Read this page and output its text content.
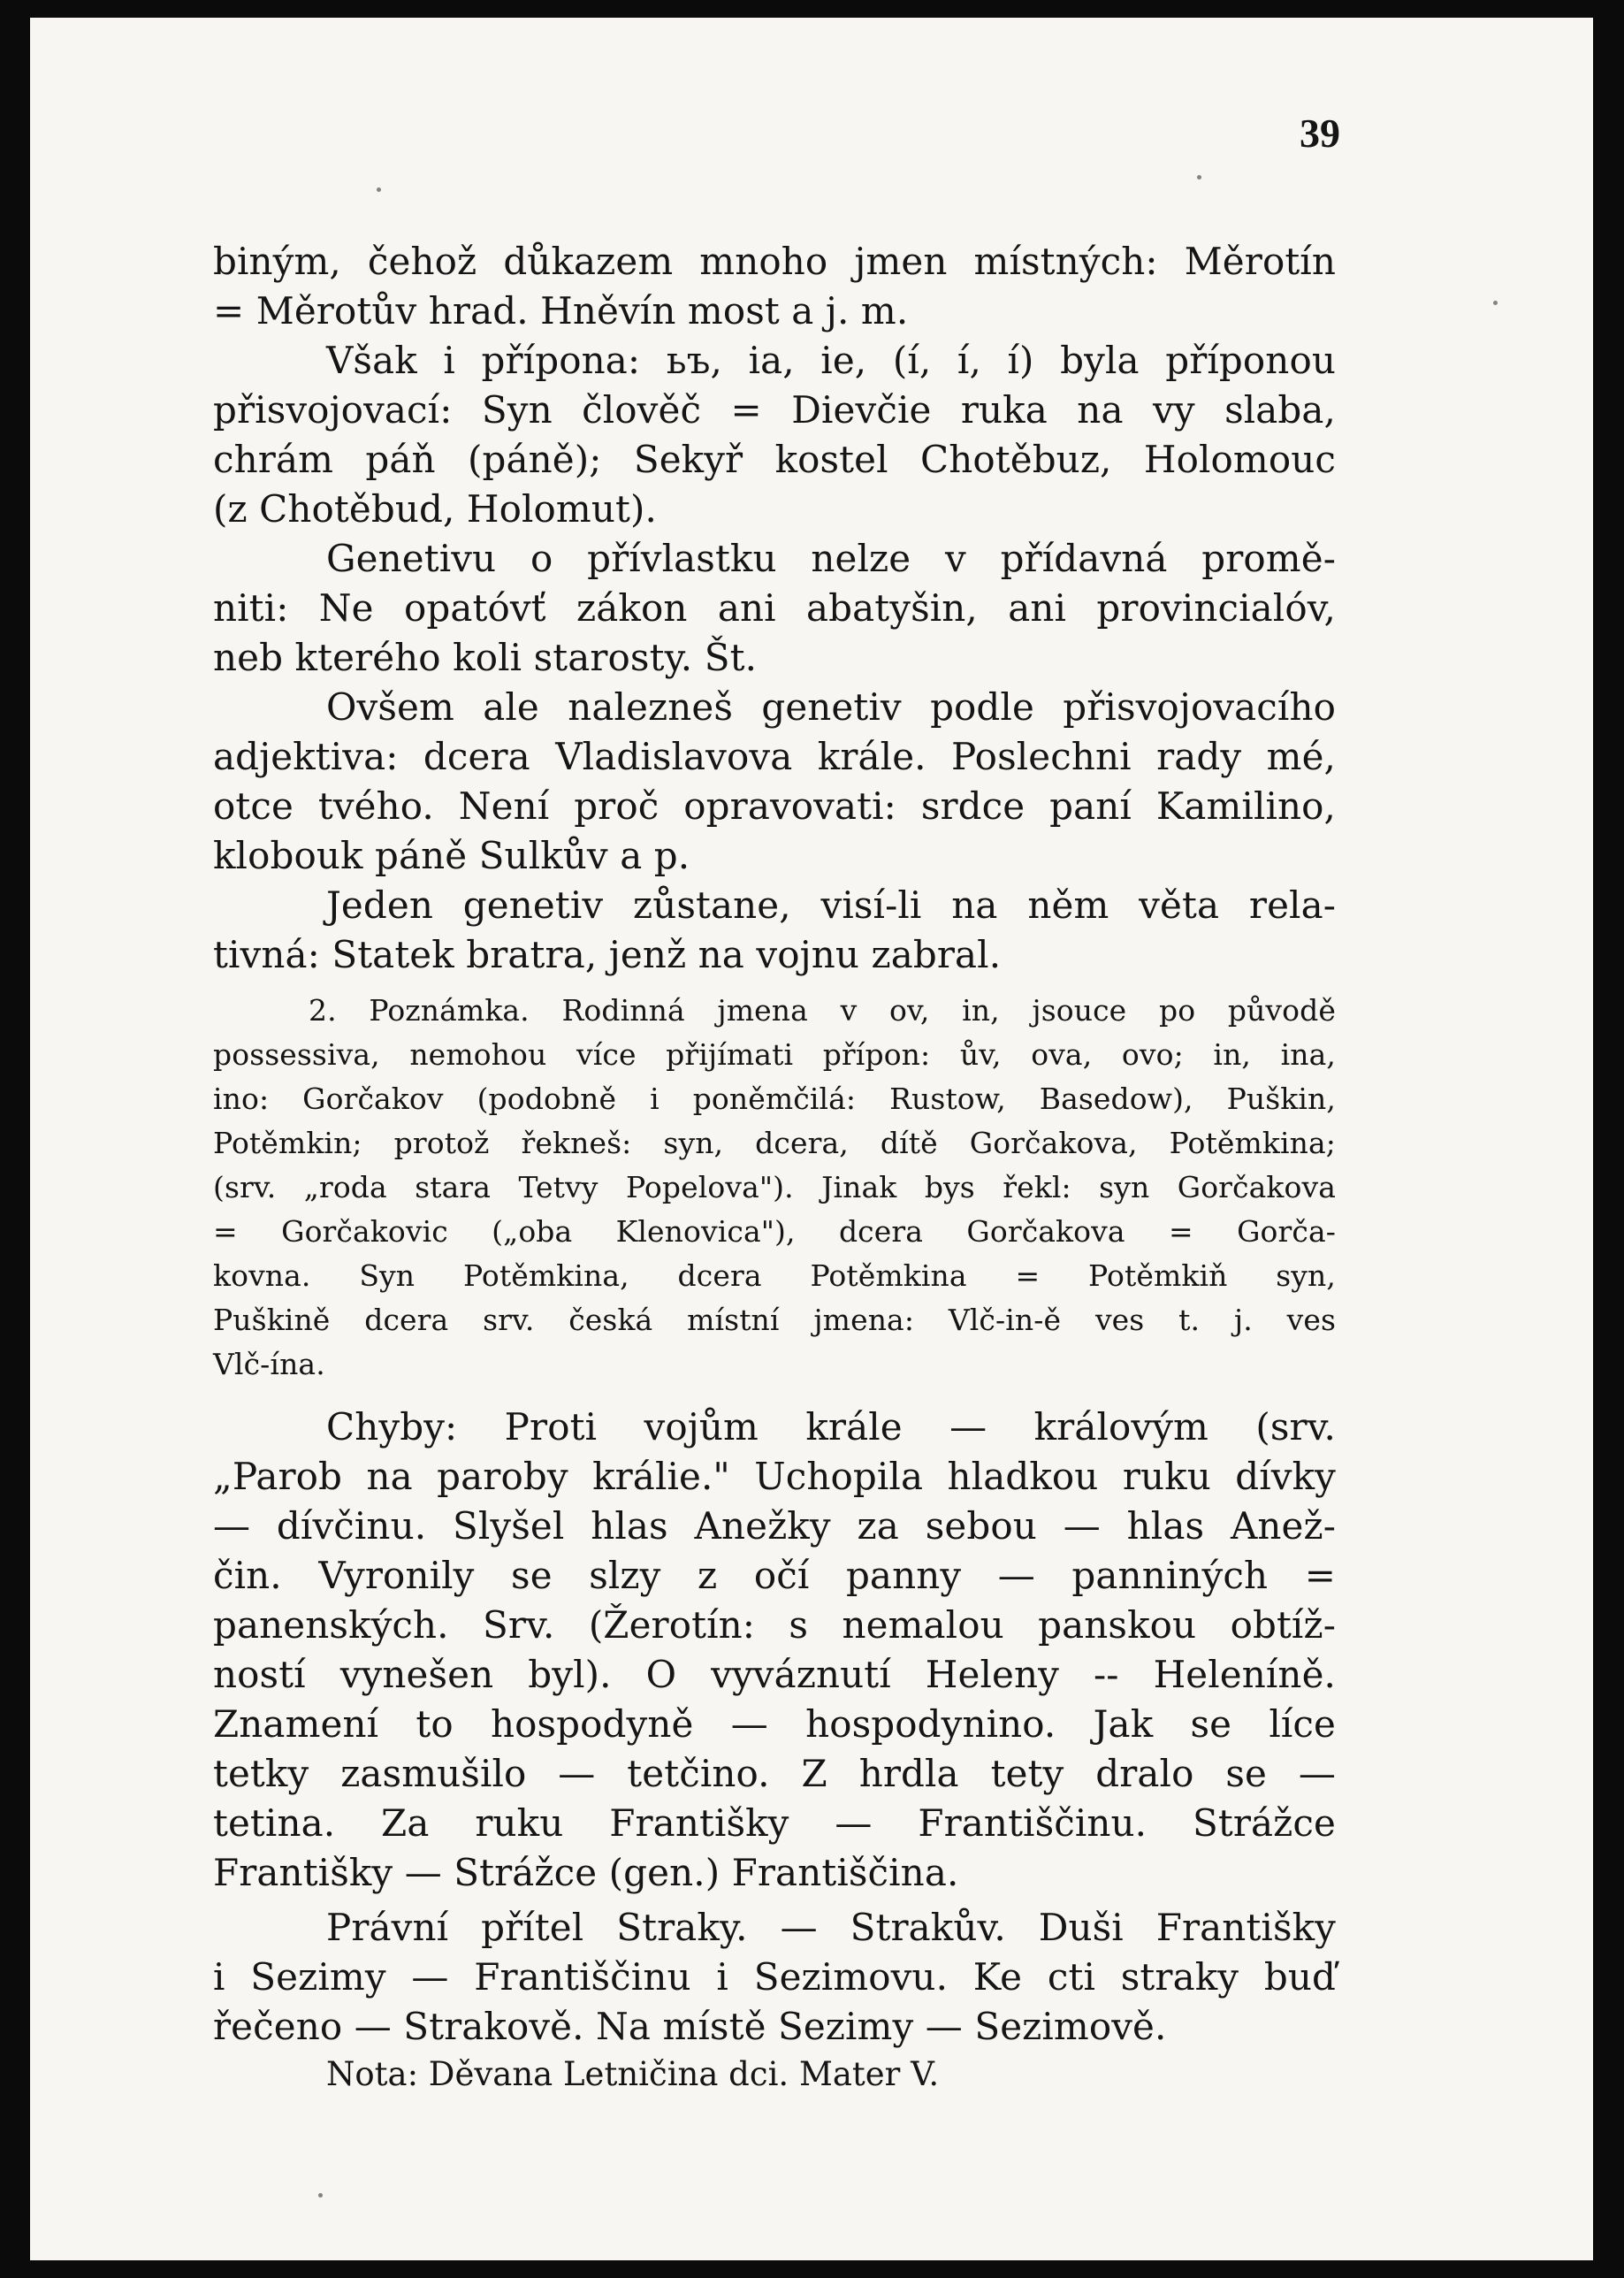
39
biným, čehož důkazem mnoho jmen místných: Měrotín
= Měrotův hrad. Hněvín most a j. m.
Však i přípona: ьъ, ia, ie, (í, í, í) byla příponou
přisvojovací: Syn člověč = Dievčie ruka na vy slaba,
chrám páň (páně); Sekyř kostel Chotěbuz, Holomouc
(z Chotěbud, Holomut).
Genetivu o přívlastku nelze v přídavná promě-
niti: Ne opatóvť zákon ani abatyšin, ani provincialóv,
neb kterého koli starosty. Št.
Ovšem ale nalezneš genetiv podle přisvojovacího
adjektiva: dcera Vladislavova krále. Poslechni rady mé,
otce tvého. Není proč opravovati: srdce paní Kamilino,
klobouk páně Sulkův a p.
Jeden genetiv zůstane, visí-li na něm věta rela-
tivná: Statek bratra, jenž na vojnu zabral.
2. Poznámka. Rodinná jmena v ov, in, jsouce po původě
possessiva, nemohou více přijímati přípon: ův, ova, ovo; in, ina,
ino: Gorčakov (podobně i poněmčilá: Rustow, Basedow), Puškin,
Potěmkin; protož řekneš: syn, dcera, dítě Gorčakova, Potěmkina;
(srv. „roda stara Tetvy Popelova"). Jinak bys řekl: syn Gorčakova
= Gorčakovic („oba Klenovica"), dcera Gorčakova = Gorča-
kovna. Syn Potěmkina, dcera Potěmkina = Potěmkiň syn,
Puškině dcera srv. česká místní jmena: Vlč-in-ě ves t. j. ves
Vlč-ína.
Chyby: Proti vojům krále — královým (srv.
„Parob na paroby králie." Uchopila hladkou ruku dívky
— dívčinu. Slyšel hlas Anežky za sebou — hlas Anež-
čin. Vyronily se slzy z očí panny — panniných =
panenských. Srv. (Žerotín: s nemalou panskou obtíž-
ností vynešen byl). O vyváznutí Heleny -- Heleníně.
Znamení to hospodyně — hospodynino. Jak se líce
tetky zasmušilo — tetčino. Z hrdla tety dralo se —
tetina. Za ruku Františky — Františčinu. Strážce
Františky — Strážce (gen.) Františčina.
Právní přítel Straky. — Strakův. Duši Františky
i Sezimy — Františčinu i Sezimovu. Ke cti straky buď
řečeno — Strakově. Na místě Sezimy — Sezimově.
Nota: Děvana Letničina dci. Mater V.
